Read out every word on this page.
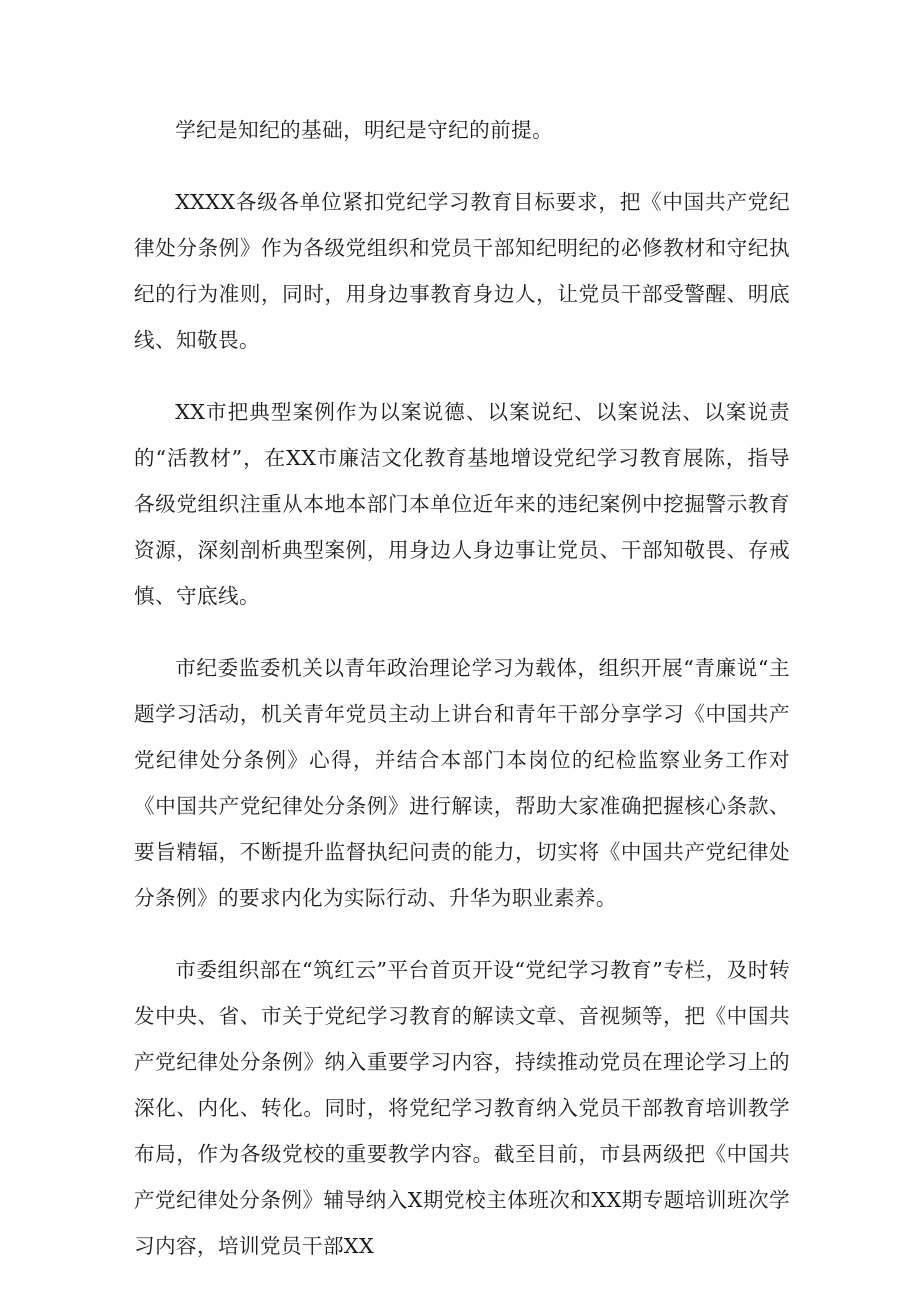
学纪是知纪的基础，明纪是守纪的前提。

XXXX各级各单位紧扣党纪学习教育目标要求，把《中国共产党纪律处分条例》作为各级党组织和党员干部知纪明纪的必修教材和守纪执纪的行为准则，同时，用身边事教育身边人，让党员干部受警醒、明底线、知敬畏。

XX市把典型案例作为以案说德、以案说纪、以案说法、以案说责的“活教材”，在XX市廉洁文化教育基地增设党纪学习教育展陈，指导各级党组织注重从本地本部门本单位近年来的违纪案例中挖掘警示教育资源，深刻剖析典型案例，用身边人身边事让党员、干部知敬畏、存戒慎、守底线。

市纪委监委机关以青年政治理论学习为载体，组织开展“青廉说“主题学习活动，机关青年党员主动上讲台和青年干部分享学习《中国共产党纪律处分条例》心得，并结合本部门本岗位的纪检监察业务工作对《中国共产党纪律处分条例》进行解读，帮助大家准确把握核心条款、要旨精辐，不断提升监督执纪问责的能力，切实将《中国共产党纪律处分条例》的要求内化为实际行动、升华为职业素养。

市委组织部在“筑红云”平台首页开设“党纪学习教育”专栏，及时转发中央、省、市关于党纪学习教育的解读文章、音视频等，把《中国共产党纪律处分条例》纳入重要学习内容，持续推动党员在理论学习上的深化、内化、转化。同时，将党纪学习教育纳入党员干部教育培训教学布局，作为各级党校的重要教学内容。截至目前，市县两级把《中国共产党纪律处分条例》辅导纳入X期党校主体班次和XX期专题培训班次学习内容，培训党员干部XX
